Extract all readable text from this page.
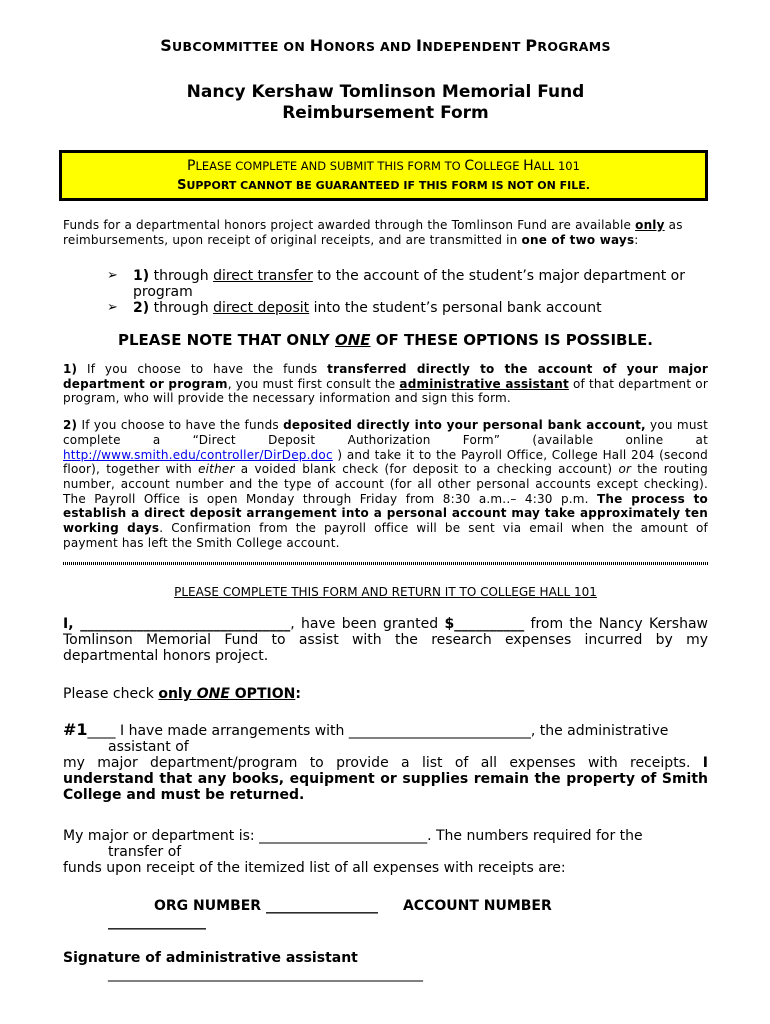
SUBCOMMITTEE ON HONORS AND INDEPENDENT PROGRAMS

Nancy Kershaw Tomlinson Memorial Fund
Reimbursement Form
PLEASE COMPLETE AND SUBMIT THIS FORM TO COLLEGE HALL 101
SUPPORT CANNOT BE GUARANTEED IF THIS FORM IS NOT ON FILE.
Funds for a departmental honors project awarded through the Tomlinson Fund are available only as reimbursements, upon receipt of original receipts, and are transmitted in one of two ways:
➢ 1) through direct transfer to the account of the student’s major department or program
➢ 2) through direct deposit into the student’s personal bank account
PLEASE NOTE THAT ONLY ONE OF THESE OPTIONS IS POSSIBLE.
1) If you choose to have the funds transferred directly to the account of your major department or program, you must first consult the administrative assistant of that department or program, who will provide the necessary information and sign this form.
2) If you choose to have the funds deposited directly into your personal bank account, you must complete a “Direct Deposit Authorization Form” (available online at http://www.smith.edu/controller/DirDep.doc ) and take it to the Payroll Office, College Hall 204 (second floor), together with either a voided blank check (for deposit to a checking account) or the routing number, account number and the type of account (for all other personal accounts except checking). The Payroll Office is open Monday through Friday from 8:30 a.m..– 4:30 p.m. The process to establish a direct deposit arrangement into a personal account may take approximately ten working days. Confirmation from the payroll office will be sent via email when the amount of payment has left the Smith College account.
PLEASE COMPLETE THIS FORM AND RETURN IT TO COLLEGE HALL 101
I, ______________________________, have been granted $__________ from the Nancy Kershaw Tomlinson Memorial Fund to assist with the research expenses incurred by my departmental honors project.
Please check only ONE OPTION:
#1____ I have made arrangements with __________________________, the administrative
assistant of
my major department/program to provide a list of all expenses with receipts. I understand that any books, equipment or supplies remain the property of Smith College and must be returned.
My major or department is: ________________________. The numbers required for the
transfer of
funds upon receipt of the itemized list of all expenses with receipts are:
ORG NUMBER ________________ ACCOUNT NUMBER
______________
Signature of administrative assistant
_____________________________________________
